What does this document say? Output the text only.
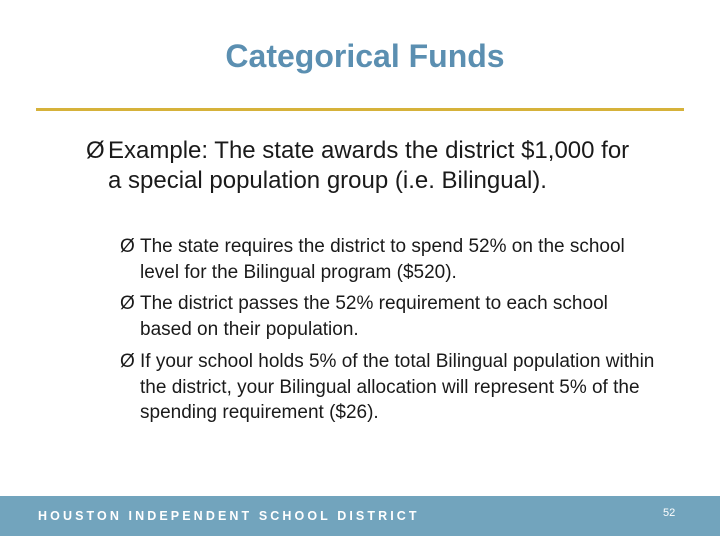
Categorical Funds
Ø Example: The state awards the district $1,000 for a special population group (i.e. Bilingual).
Ø The state requires the district to spend 52% on the school level for the Bilingual program ($520).
Ø The district passes the 52% requirement to each school based on their population.
Ø If your school holds 5% of the total Bilingual population within the district, your Bilingual allocation will represent 5% of the spending requirement ($26).
HOUSTON INDEPENDENT SCHOOL DISTRICT	52
